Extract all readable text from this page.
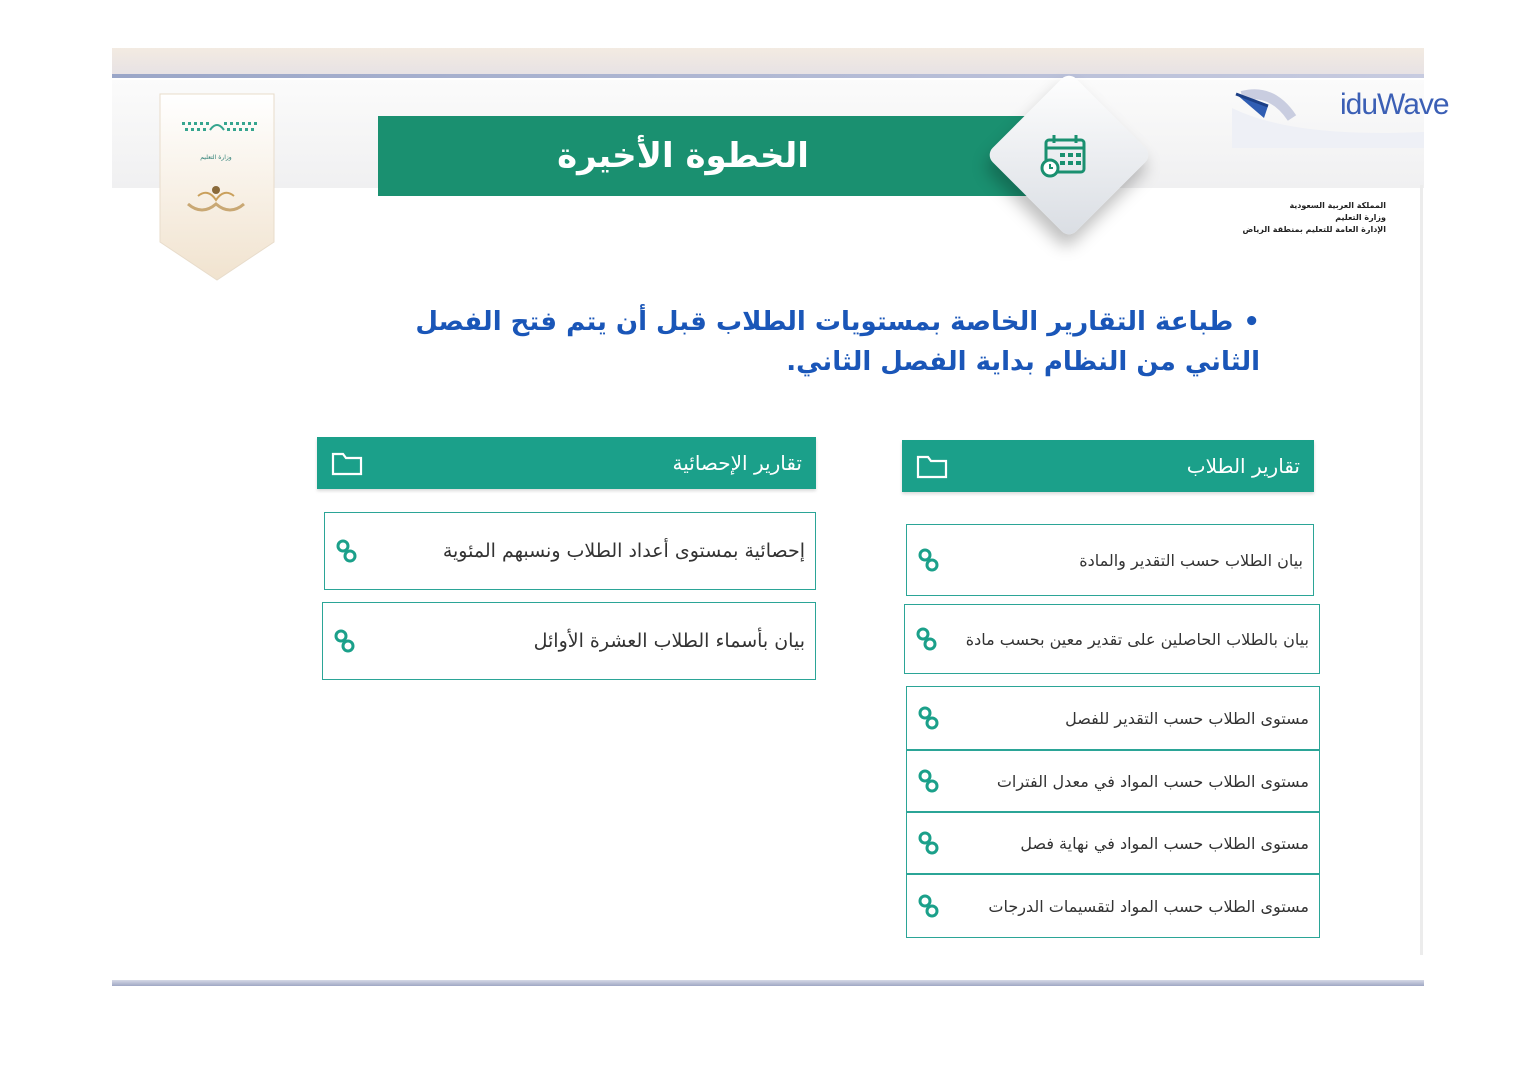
وزارة التعليم	الخطوة الأخيرة
iduWave
المملكة العربية السعودية
وزارة التعليم
الإدارة العامة للتعليم بمنطقة الرياض
•طباعة التقارير الخاصة بمستويات الطلاب قبل أن يتم فتح الفصل الثاني من النظام بداية الفصل الثاني.
تقارير الطلاب
بيان الطلاب حسب التقدير والمادة
بيان بالطلاب الحاصلين على تقدير معين بحسب مادة
مستوى الطلاب حسب التقدير للفصل
مستوى الطلاب حسب المواد في معدل الفترات
مستوى الطلاب حسب المواد في نهاية فصل
مستوى الطلاب حسب المواد لتقسيمات الدرجات
تقارير الإحصائية
إحصائية بمستوى أعداد الطلاب ونسبهم المئوية
بيان بأسماء الطلاب العشرة الأوائل
